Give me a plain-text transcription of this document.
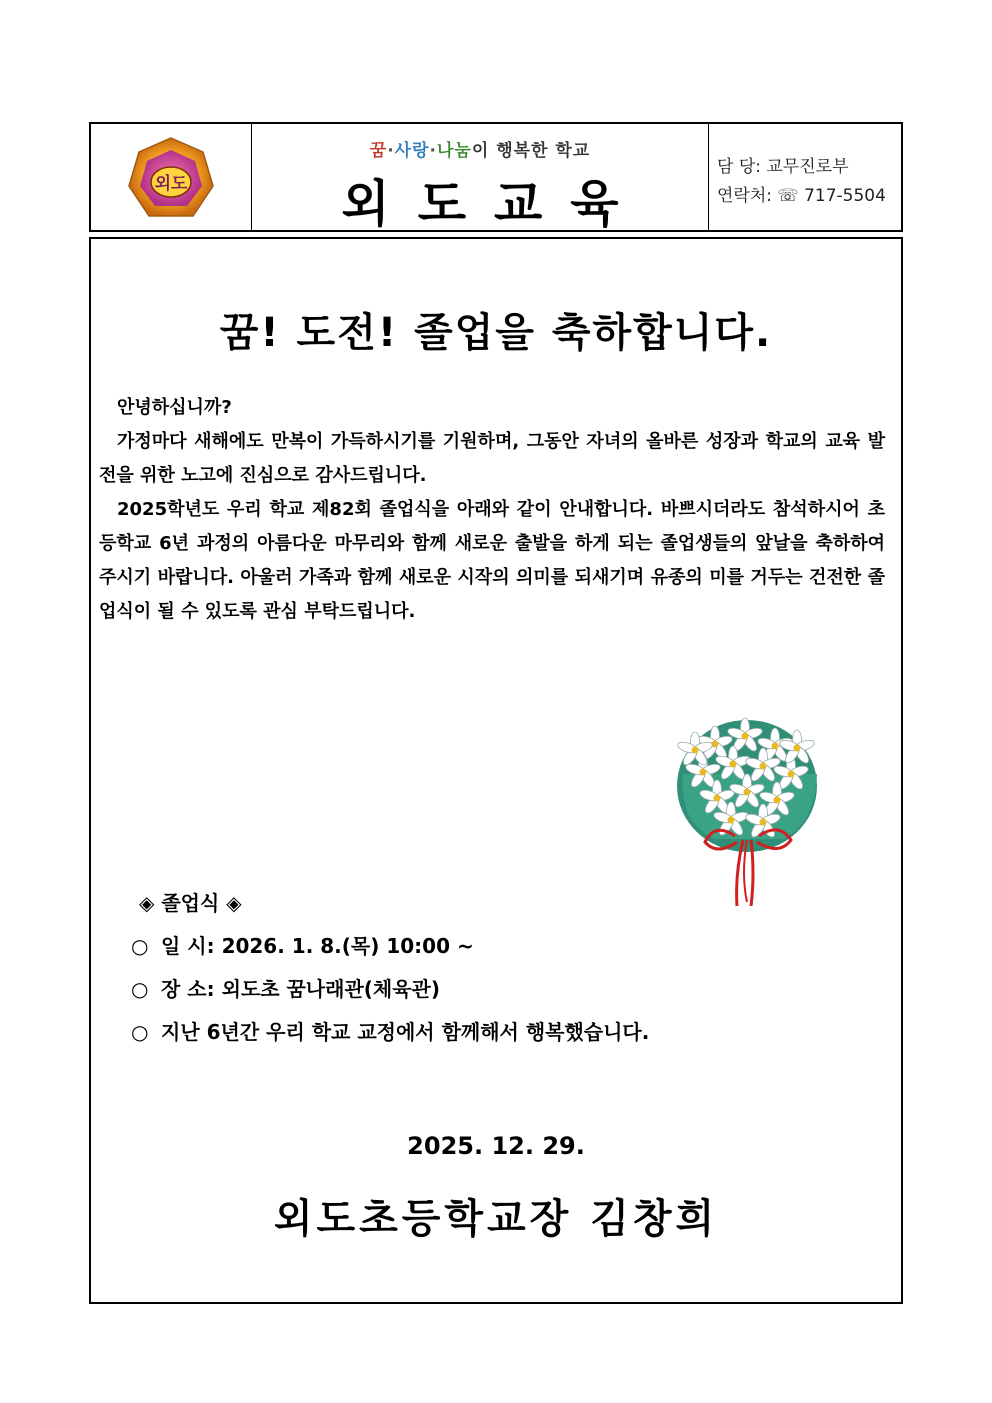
외도
꿈·사랑·나눔이 행복한 학교
외도교육
담 당: 교무진로부
연락처: ☏ 717-5504
꿈! 도전! 졸업을 축하합니다.

안녕하십니까?

가정마다 새해에도 만복이 가득하시기를 기원하며, 그동안 자녀의 올바른 성장과 학교의 교육 발전을 위한 노고에 진심으로 감사드립니다.

2025학년도 우리 학교 제82회 졸업식을 아래와 같이 안내합니다. 바쁘시더라도 참석하시어 초등학교 6년 과정의 아름다운 마무리와 함께 새로운 출발을 하게 되는 졸업생들의 앞날을 축하하여 주시기 바랍니다. 아울러 가족과 함께 새로운 시작의 의미를 되새기며 유종의 미를 거두는 건전한 졸업식이 될 수 있도록 관심 부탁드립니다.

◈ 졸업식 ◈
○ 일 시: 2026. 1. 8.(목) 10:00 ~
○ 장 소: 외도초 꿈나래관(체육관)
○ 지난 6년간 우리 학교 교정에서 함께해서 행복했습니다.
2025. 12. 29.
외도초등학교장 김창희
